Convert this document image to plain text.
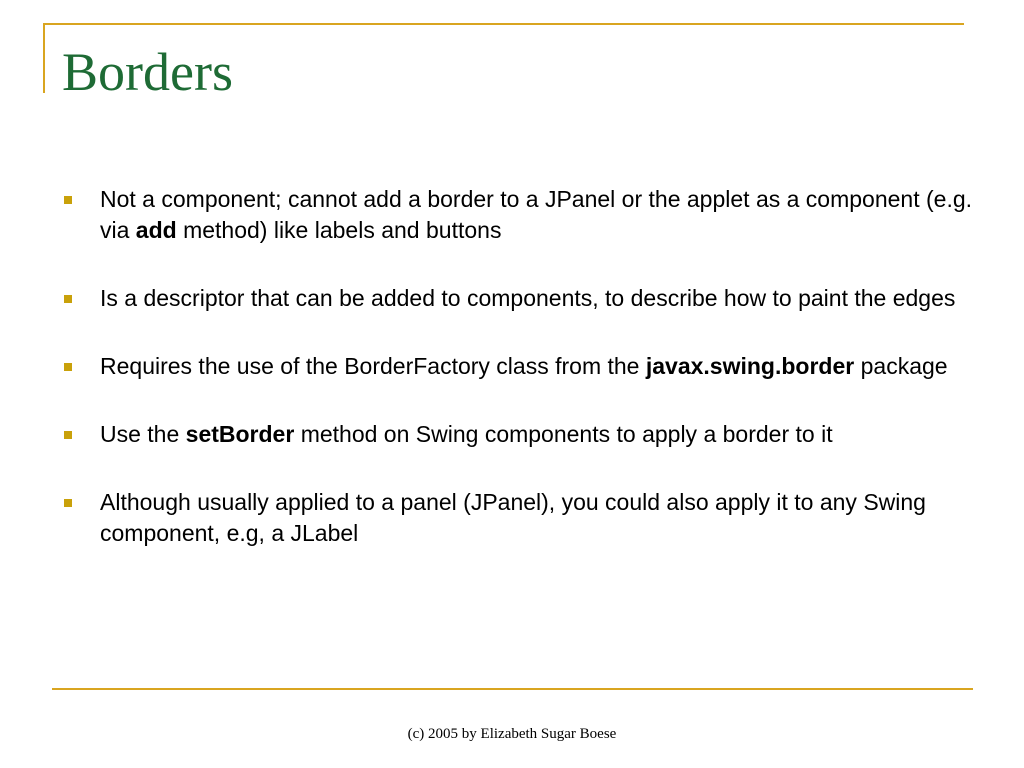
Borders
Not a component; cannot add a border to a JPanel or the applet as a component (e.g. via add method) like labels and buttons
Is a descriptor that can be added to components, to describe how to paint the edges
Requires the use of the BorderFactory class from the javax.swing.border package
Use the setBorder method on Swing components to apply a border to it
Although usually applied to a panel (JPanel), you could also apply it to any Swing component, e.g, a JLabel
(c) 2005 by Elizabeth Sugar Boese
